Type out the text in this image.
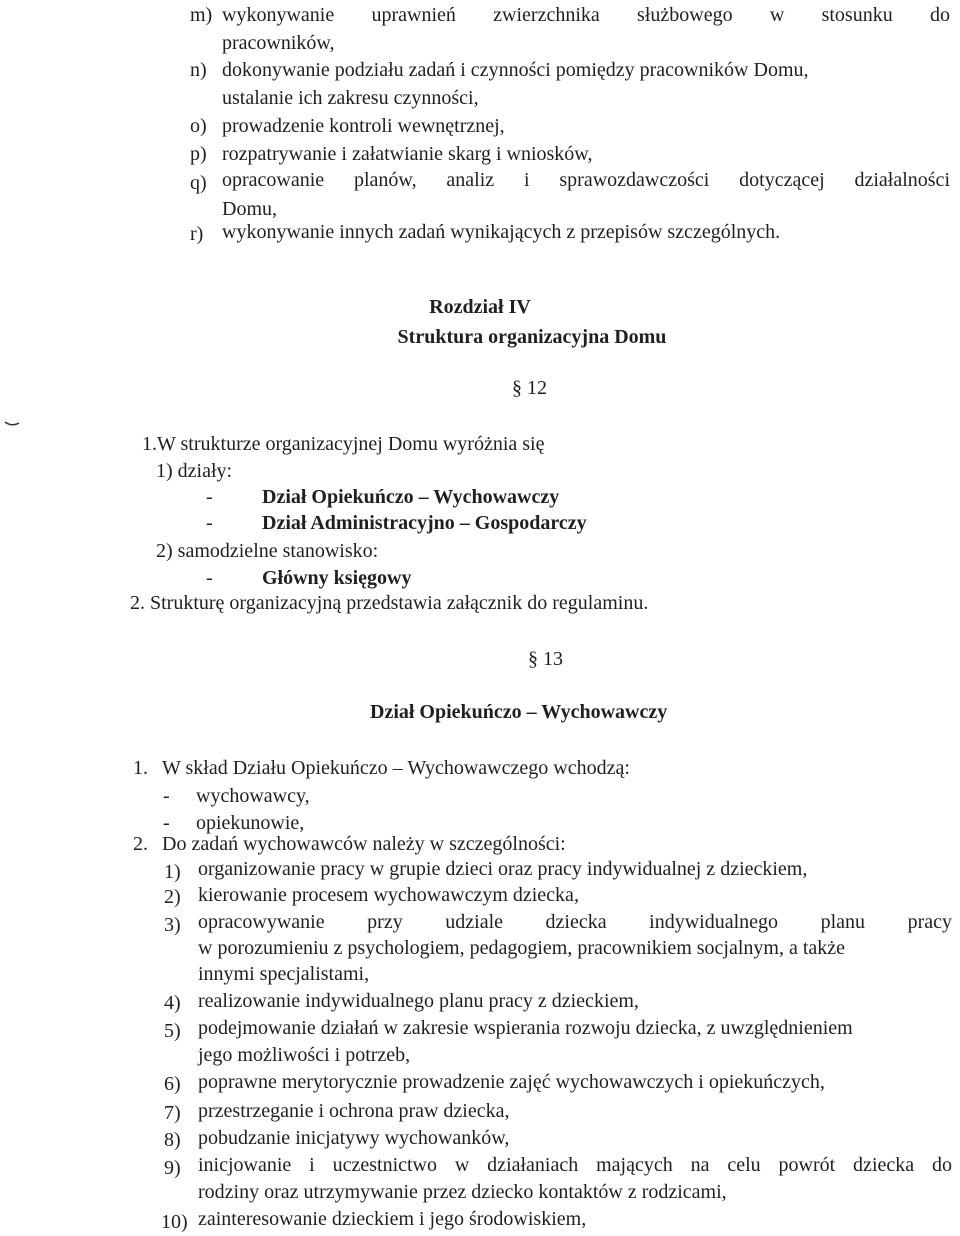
m) wykonywanie uprawnień zwierzchnika służbowego w stosunku do
pracowników,
n) dokonywanie podziału zadań i czynności pomiędzy pracowników Domu,
ustalanie ich zakresu czynności,
o) prowadzenie kontroli wewnętrznej,
p) rozpatrywanie i załatwianie skarg i wniosków,
q) opracowanie planów, analiz i sprawozdawczości dotyczącej działalności
Domu,
r) wykonywanie innych zadań wynikających z przepisów szczególnych.
Rozdział IV
Struktura organizacyjna Domu
§ 12
1.W strukturze organizacyjnej Domu wyróżnia się
1) działy:
- Dział Opiekuńczo – Wychowawczy
- Dział Administracyjno – Gospodarczy
2) samodzielne stanowisko:
- Główny księgowy
2. Strukturę organizacyjną przedstawia załącznik do regulaminu.
§ 13
Dział Opiekuńczo – Wychowawczy
1. W skład Działu Opiekuńczo – Wychowawczego wchodzą:
- wychowawcy,
- opiekunowie,
2. Do zadań wychowawców należy w szczególności:
1) organizowanie pracy w grupie dzieci oraz pracy indywidualnej z dzieckiem,
2) kierowanie procesem wychowawczym dziecka,
3) opracowywanie przy udziale dziecka indywidualnego planu pracy
w porozumieniu z psychologiem, pedagogiem, pracownikiem socjalnym, a także
innymi specjalistami,
4) realizowanie indywidualnego planu pracy z dzieckiem,
5) podejmowanie działań w zakresie wspierania rozwoju dziecka, z uwzględnieniem
jego możliwości i potrzeb,
6) poprawne merytorycznie prowadzenie zajęć wychowawczych i opiekuńczych,
7) przestrzeganie i ochrona praw dziecka,
8) pobudzanie inicjatywy wychowanków,
9) inicjowanie i uczestnictwo w działaniach mających na celu powrót dziecka do
rodziny oraz utrzymywanie przez dziecko kontaktów z rodzicami,
10) zainteresowanie dzieckiem i jego środowiskiem,
